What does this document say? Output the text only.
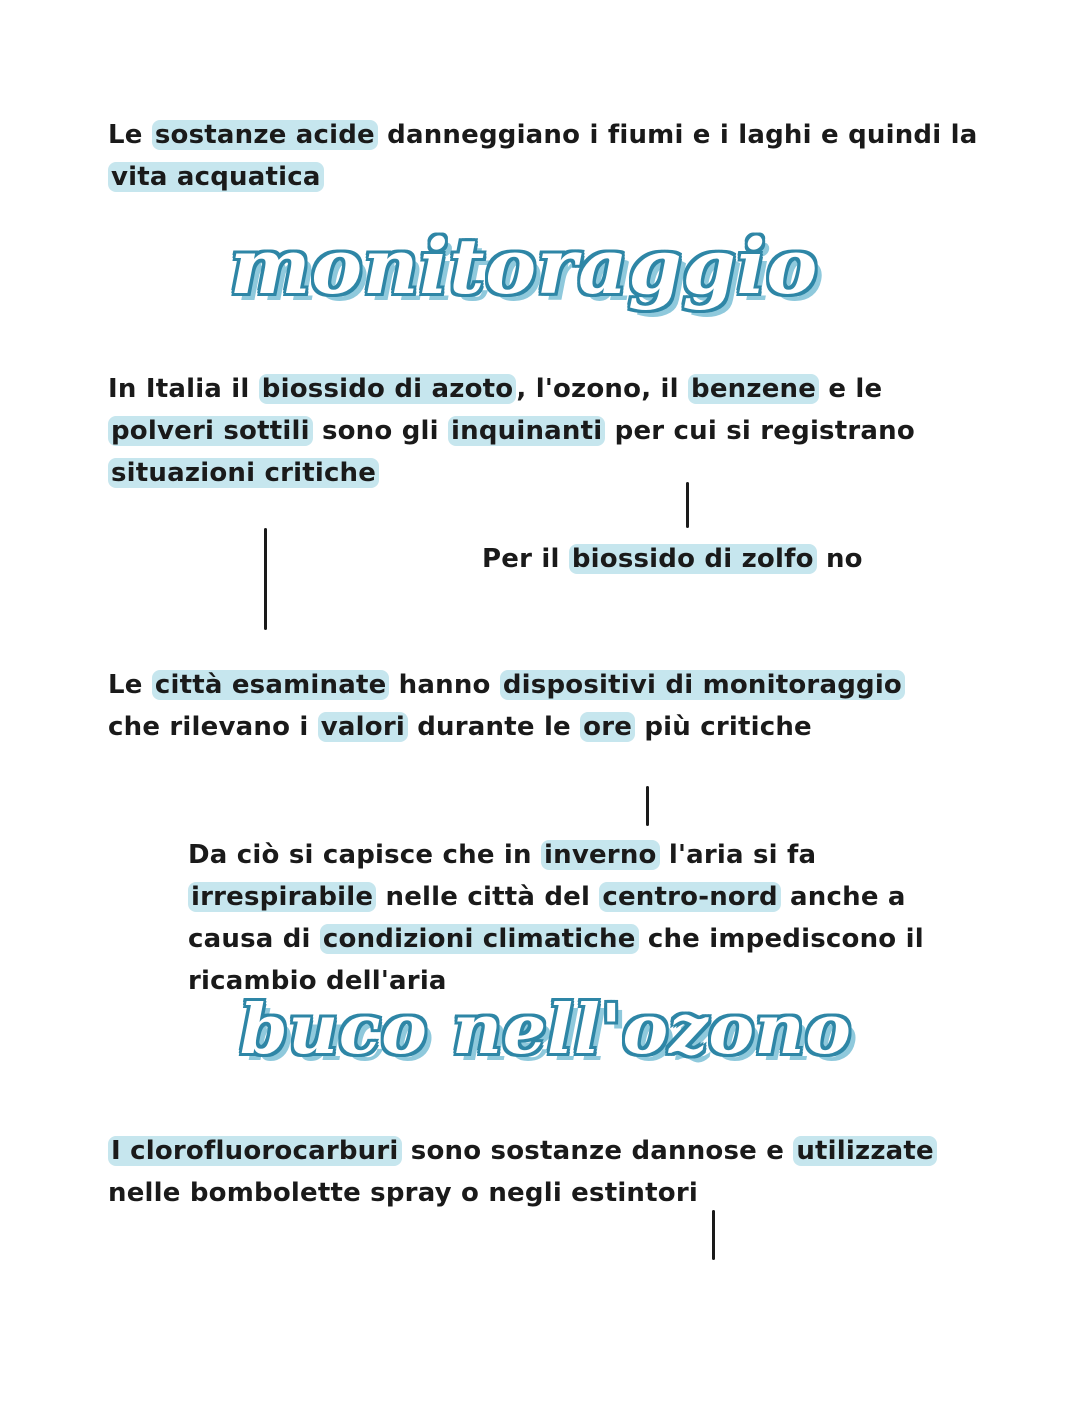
Le sostanze acide danneggiano i fiumi e i laghi e quindi la vita acquatica
monitoraggio
In Italia il biossido di azoto , l'ozono, il benzene e le polveri sottili sono gli inquinanti per cui si registrano situazioni critiche
Per il biossido di zolfo no
Le città esaminate hanno dispositivi di monitoraggio che rilevano i valori durante le ore più critiche
Da ciò si capisce che in inverno l'aria si fa irrespirabile nelle città del centro-nord anche a causa di condizioni climatiche che impediscono il ricambio dell'aria
buco nell'ozono
I clorofluorocarburi sono sostanze dannose e utilizzate nelle bombolette spray o negli estintori
